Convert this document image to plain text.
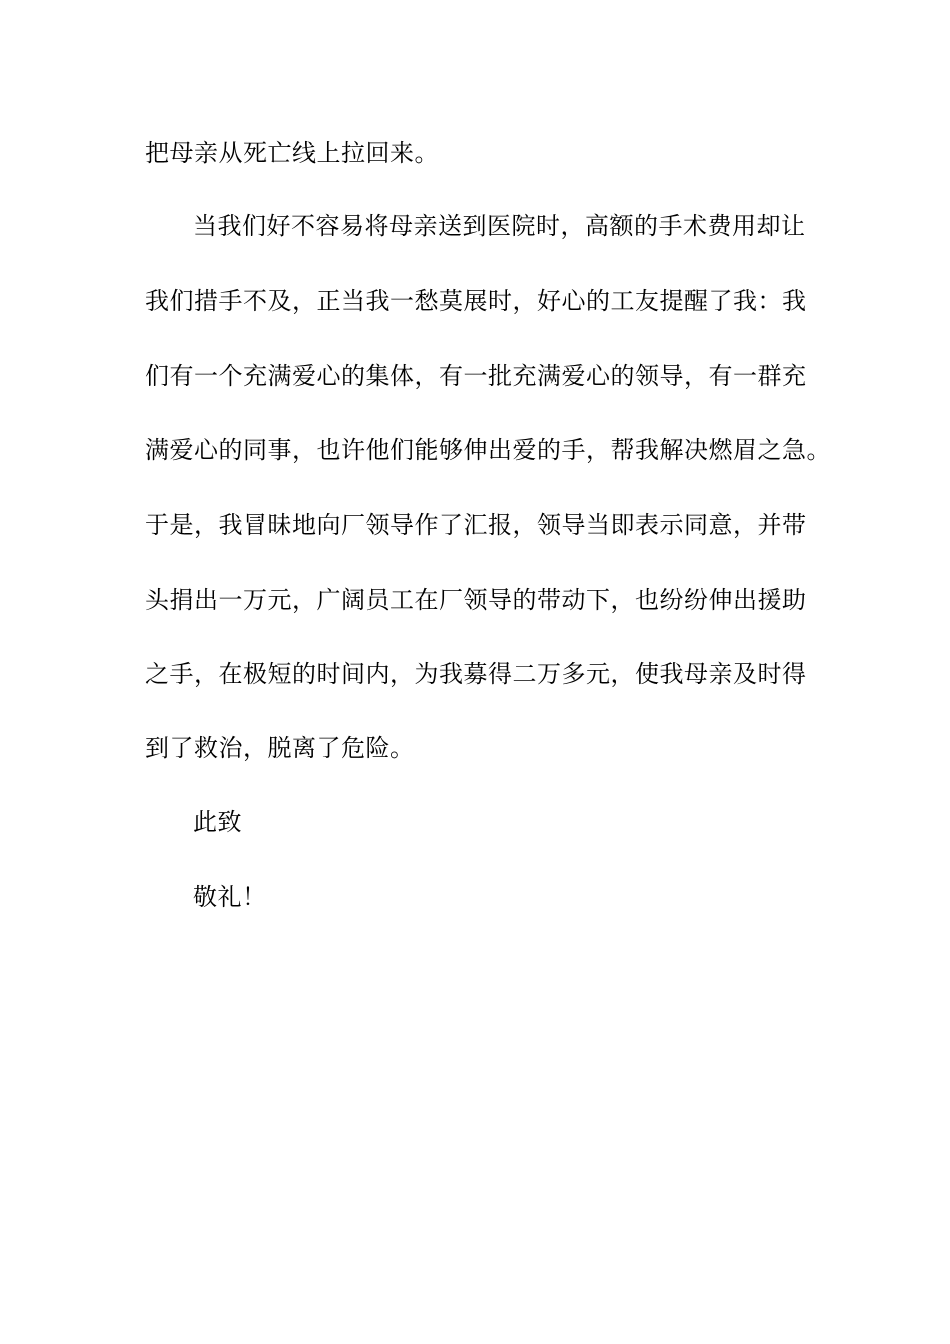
把母亲从死亡线上拉回来。
当我们好不容易将母亲送到医院时，高额的手术费用却让
我们措手不及，正当我一愁莫展时，好心的工友提醒了我：我
们有一个充满爱心的集体，有一批充满爱心的领导，有一群充
满爱心的同事，也许他们能够伸出爱的手，帮我解决燃眉之急。
于是，我冒昧地向厂领导作了汇报，领导当即表示同意，并带
头捐出一万元，广阔员工在厂领导的带动下，也纷纷伸出援助
之手，在极短的时间内，为我募得二万多元，使我母亲及时得
到了救治，脱离了危险。
此致
敬礼！
